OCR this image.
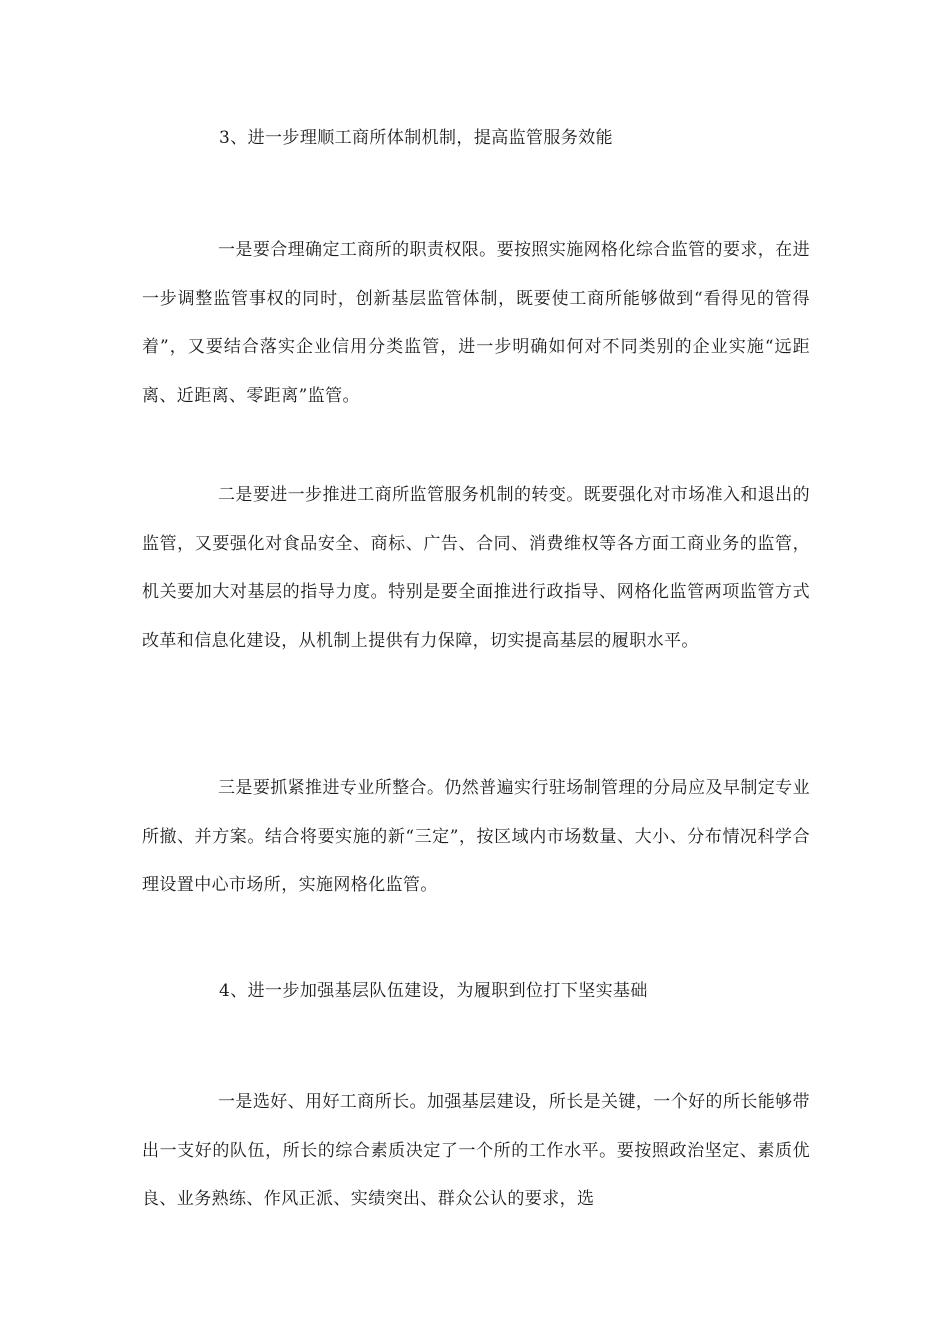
3、进一步理顺工商所体制机制，提高监管服务效能

一是要合理确定工商所的职责权限。要按照实施网格化综合监管的要求，在进一步调整监管事权的同时，创新基层监管体制，既要使工商所能够做到“看得见的管得着”，又要结合落实企业信用分类监管，进一步明确如何对不同类别的企业实施“远距离、近距离、零距离”监管。

二是要进一步推进工商所监管服务机制的转变。既要强化对市场准入和退出的监管，又要强化对食品安全、商标、广告、合同、消费维权等各方面工商业务的监管，机关要加大对基层的指导力度。特别是要全面推进行政指导、网格化监管两项监管方式改革和信息化建设，从机制上提供有力保障，切实提高基层的履职水平。

三是要抓紧推进专业所整合。仍然普遍实行驻场制管理的分局应及早制定专业所撤、并方案。结合将要实施的新“三定”，按区域内市场数量、大小、分布情况科学合理设置中心市场所，实施网格化监管。

4、进一步加强基层队伍建设，为履职到位打下坚实基础

一是选好、用好工商所长。加强基层建设，所长是关键，一个好的所长能够带出一支好的队伍，所长的综合素质决定了一个所的工作水平。要按照政治坚定、素质优良、业务熟练、作风正派、实绩突出、群众公认的要求，选
